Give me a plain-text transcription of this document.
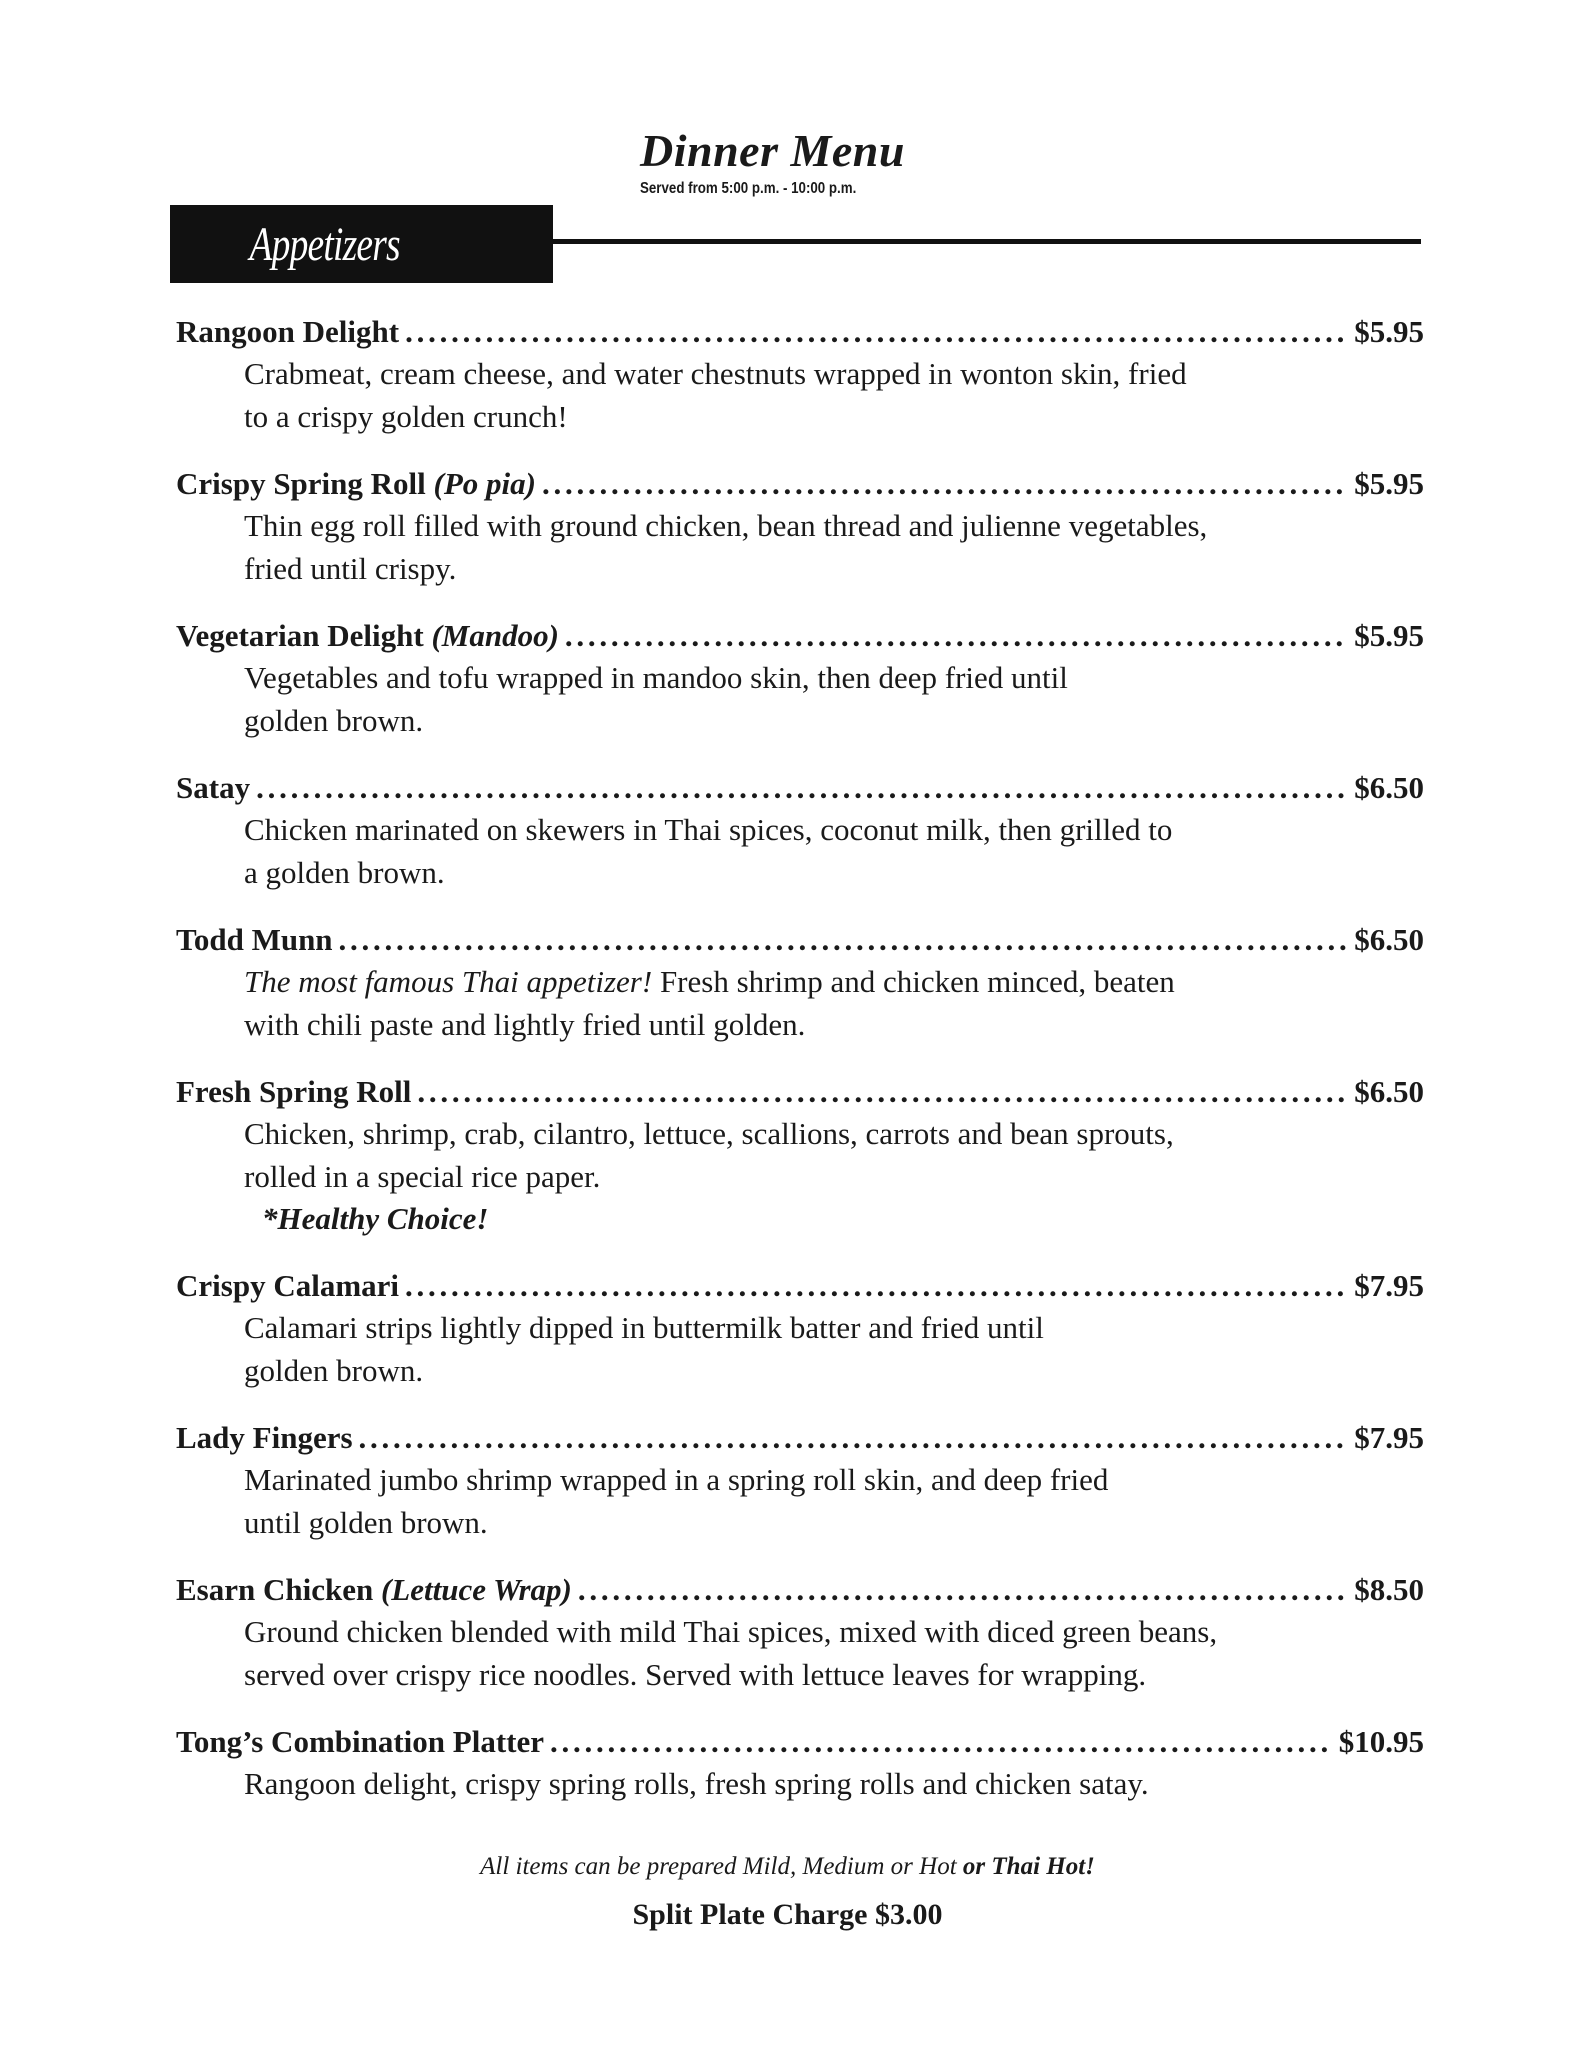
Dinner Menu
Served from 5:00 p.m. - 10:00 p.m.
Appetizers
Rangoon Delight . . .	$5.95
Crabmeat, cream cheese, and water chestnuts wrapped in wonton skin, fried
to a crispy golden crunch!
Crispy Spring Roll (Po pia) . . .	$5.95
Thin egg roll filled with ground chicken, bean thread and julienne vegetables,
fried until crispy.
Vegetarian Delight (Mandoo) . . .	$5.95
Vegetables and tofu wrapped in mandoo skin, then deep fried until
golden brown.
Satay . . .	$6.50
Chicken marinated on skewers in Thai spices, coconut milk, then grilled to
a golden brown.
Todd Munn . . .	$6.50
The most famous Thai appetizer! Fresh shrimp and chicken minced, beaten
with chili paste and lightly fried until golden.
Fresh Spring Roll . . .	$6.50
Chicken, shrimp, crab, cilantro, lettuce, scallions, carrots and bean sprouts,
rolled in a special rice paper.
*Healthy Choice!
Crispy Calamari . . .	$7.95
Calamari strips lightly dipped in buttermilk batter and fried until
golden brown.
Lady Fingers . . .	$7.95
Marinated jumbo shrimp wrapped in a spring roll skin, and deep fried
until golden brown.
Esarn Chicken (Lettuce Wrap) . . .	$8.50
Ground chicken blended with mild Thai spices, mixed with diced green beans,
served over crispy rice noodles. Served with lettuce leaves for wrapping.
Tong’s Combination Platter . . .	$10.95
Rangoon delight, crispy spring rolls, fresh spring rolls and chicken satay.
All items can be prepared Mild, Medium or Hot or Thai Hot!
Split Plate Charge $3.00
